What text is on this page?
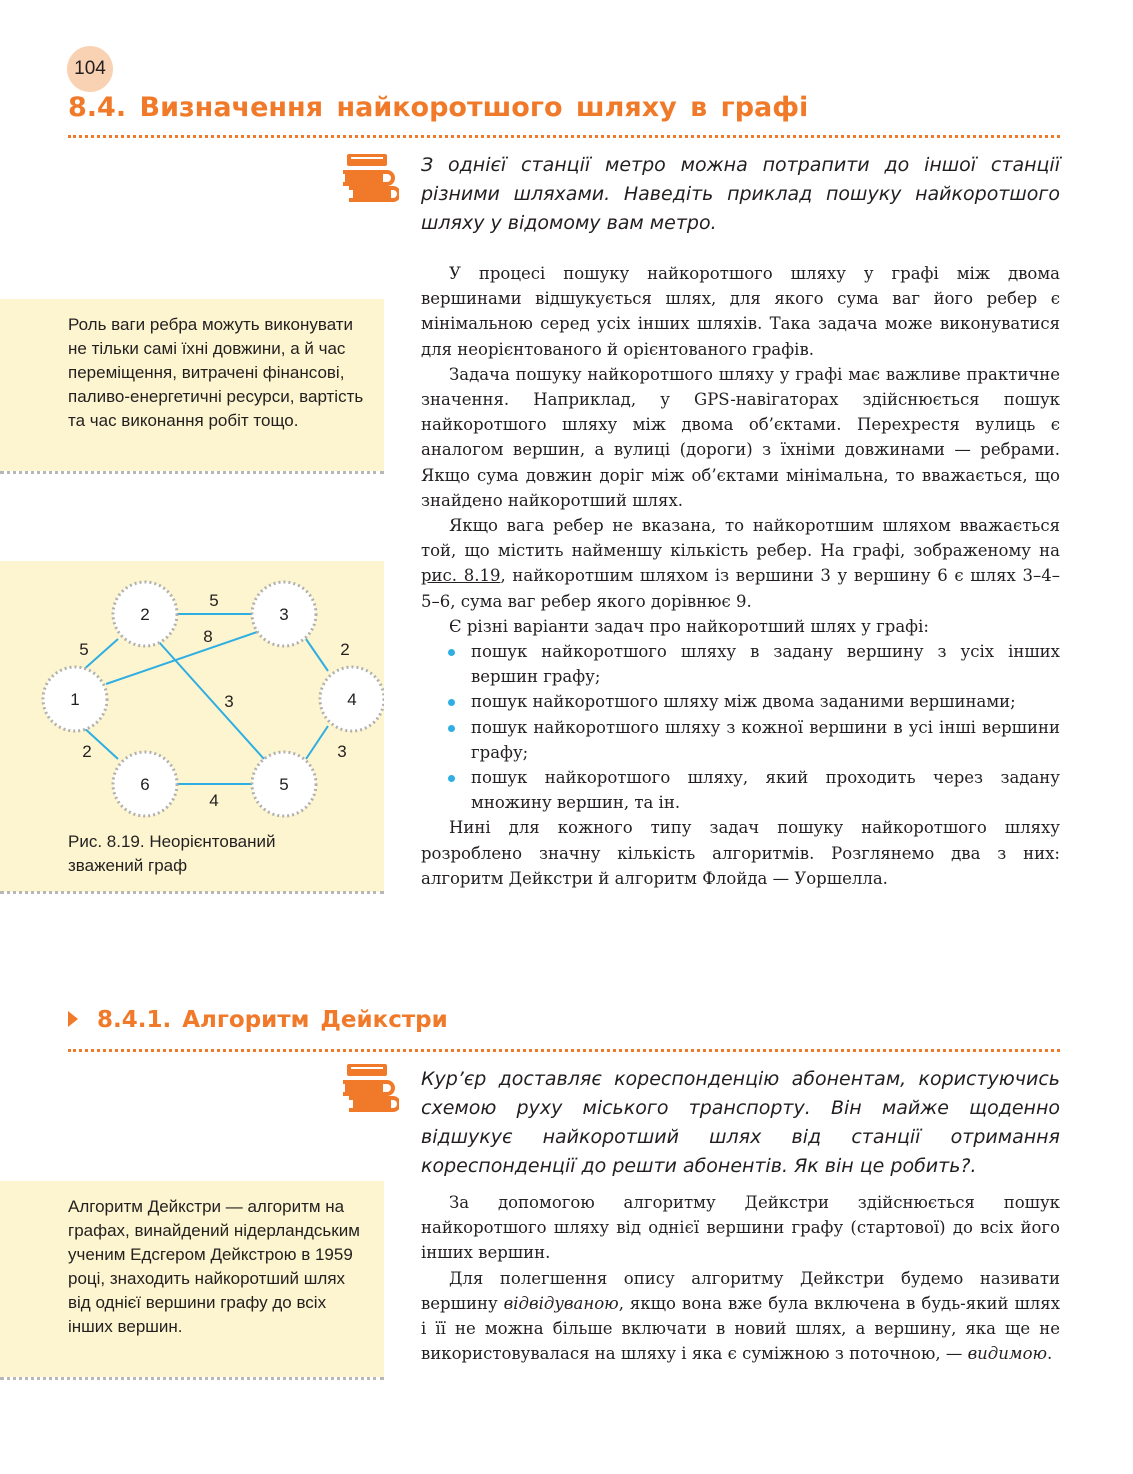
104
8.4. Визначення найкоротшого шляху в графі

З однієї станції метро можна потрапити до іншої станції різними шляхами. Наведіть приклад пошуку найкоротшого шляху у відомому вам метро.

Роль ваги ребра можуть виконувати не тільки самі їхні довжини, а й час переміщення, витрачені фінансові, паливо-енергетичні ресурси, вартість та час виконання робіт тощо.

У процесі пошуку найкоротшого шляху у графі між двома вершинами відшукується шлях, для якого сума ваг його ребер є мінімальною серед усіх інших шляхів. Така задача може виконуватися для неорієнтованого й орієнтованого графів.

Задача пошуку найкоротшого шляху у графі має важливе практичне значення. Наприклад, у GPS-навігаторах здійснюється пошук найкоротшого шляху між двома об’єктами. Перехрестя вулиць є аналогом вершин, а вулиці (дороги) з їхніми довжинами — ребрами. Якщо сума довжин доріг між об’єктами мінімальна, то вважається, що знайдено найкоротший шлях.

Якщо вага ребер не вказана, то найкоротшим шляхом вважається той, що містить найменшу кількість ребер. На графі, зображеному на рис. 8.19, найкоротшим шляхом із вершини 3 у вершину 6 є шлях 3–4–5–6, сума ваг ребер якого дорівнює 9.

Є різні варіанти задач про найкоротший шлях у графі:

пошук найкоротшого шляху в задану вершину з усіх інших вершин графу;
пошук найкоротшого шляху між двома заданими вершинами;
пошук найкоротшого шляху з кожної вершини в усі інші вершини графу;
пошук найкоротшого шляху, який проходить через задану множину вершин, та ін.

Нині для кожного типу задач пошуку найкоротшого шляху розроблено значну кількість алгоритмів. Розглянемо два з них: алгоритм Дейкстри й алгоритм Флойда — Уоршелла.

2	3
1	4
6	5
5
8
2
5
3
2
3
4
Рис. 8.19. Неорієнтований зважений граф
8.4.1. Алгоритм Дейкстри

Кур’єр доставляє кореспонденцію абонентам, користуючись схемою руху міського транспорту. Він майже щоденно відшукує найкоротший шлях від станції отримання кореспонденції до решти абонентів. Як він це робить?.

Алгоритм Дейкстри — алгоритм на графах, винайдений нідерландським ученим Едсгером Дейкстрою в 1959 році, знаходить найкоротший шлях від однієї вершини графу до всіх інших вершин.

За допомогою алгоритму Дейкстри здійснюється пошук найкоротшого шляху від однієї вершини графу (стартової) до всіх його інших вершин.

Для полегшення опису алгоритму Дейкстри будемо називати вершину відвідуваною, якщо вона вже була включена в будь-який шлях і її не можна більше включати в новий шлях, а вершину, яка ще не використовувалася на шляху і яка є суміжною з поточною, — видимою.
